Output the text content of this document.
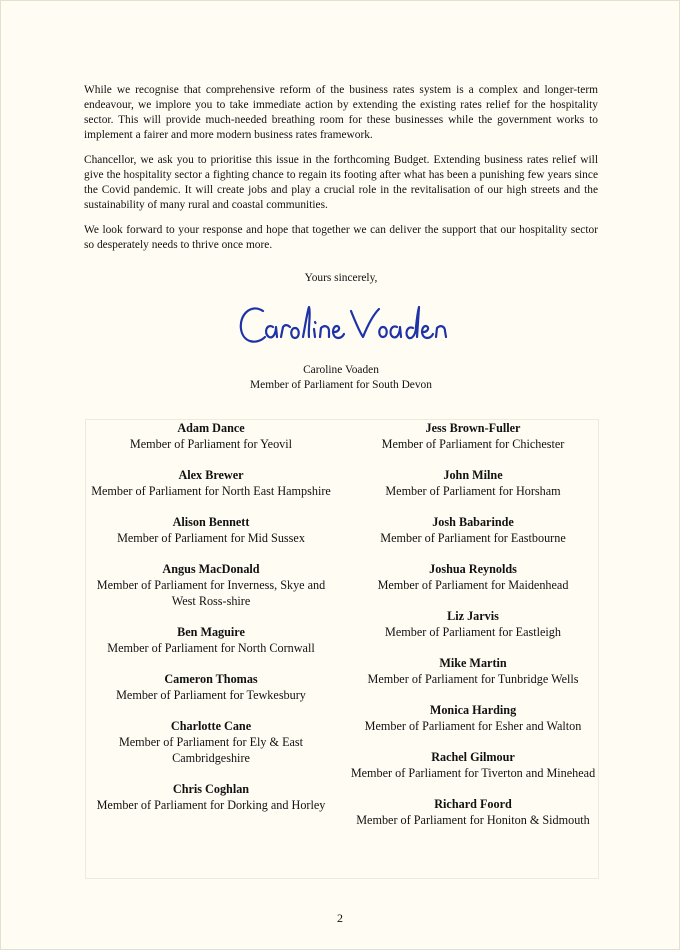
While we recognise that comprehensive reform of the business rates system is a complex and longer-term endeavour, we implore you to take immediate action by extending the existing rates relief for the hospitality sector. This will provide much-needed breathing room for these businesses while the government works to implement a fairer and more modern business rates framework.

Chancellor, we ask you to prioritise this issue in the forthcoming Budget. Extending business rates relief will give the hospitality sector a fighting chance to regain its footing after what has been a punishing few years since the Covid pandemic. It will create jobs and play a crucial role in the revitalisation of our high streets and the sustainability of many rural and coastal communities.

We look forward to your response and hope that together we can deliver the support that our hospitality sector so desperately needs to thrive once more.

Yours sincerely,
Caroline Voaden
Member of Parliament for South Devon
Adam Dance
Member of Parliament for Yeovil
Alex Brewer
Member of Parliament for North East Hampshire
Alison Bennett
Member of Parliament for Mid Sussex
Angus MacDonald
Member of Parliament for Inverness, Skye and West Ross-shire
Ben Maguire
Member of Parliament for North Cornwall
Cameron Thomas
Member of Parliament for Tewkesbury
Charlotte Cane
Member of Parliament for Ely & East Cambridgeshire
Chris Coghlan
Member of Parliament for Dorking and Horley
Jess Brown-Fuller
Member of Parliament for Chichester
John Milne
Member of Parliament for Horsham
Josh Babarinde
Member of Parliament for Eastbourne
Joshua Reynolds
Member of Parliament for Maidenhead
Liz Jarvis
Member of Parliament for Eastleigh
Mike Martin
Member of Parliament for Tunbridge Wells
Monica Harding
Member of Parliament for Esher and Walton
Rachel Gilmour
Member of Parliament for Tiverton and Minehead
Richard Foord
Member of Parliament for Honiton & Sidmouth
2
